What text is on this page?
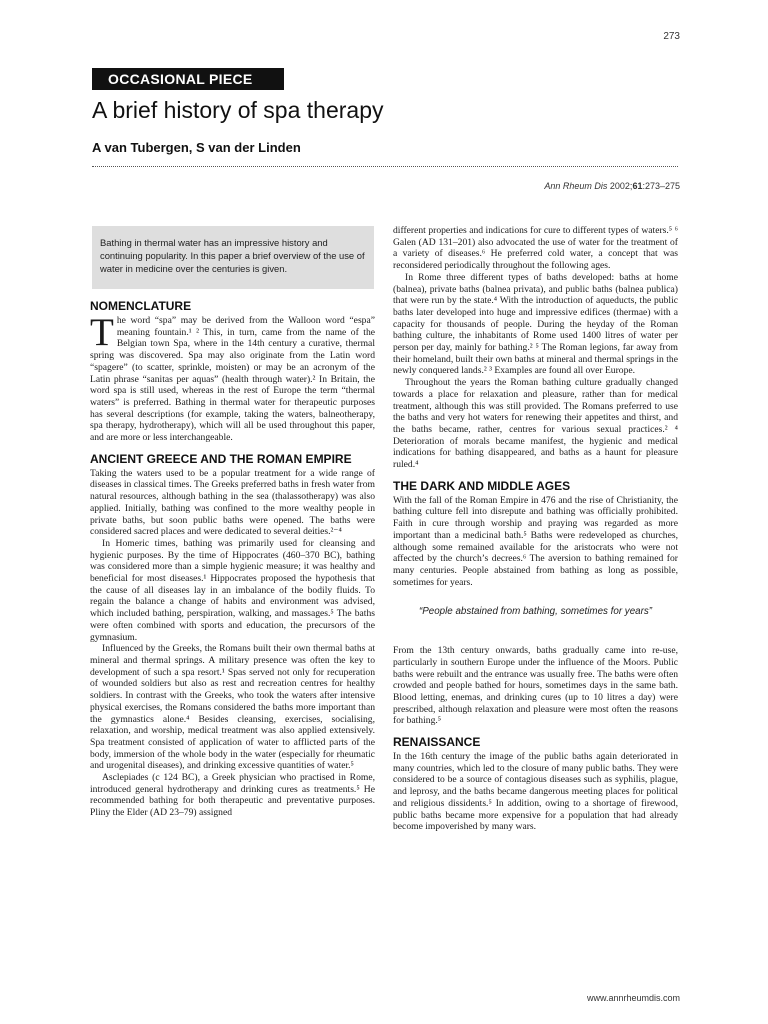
273
OCCASIONAL PIECE
A brief history of spa therapy
A van Tubergen, S van der Linden
Ann Rheum Dis 2002;61:273–275
Bathing in thermal water has an impressive history and continuing popularity. In this paper a brief overview of the use of water in medicine over the centuries is given.
NOMENCLATURE
The word “spa” may be derived from the Walloon word “espa” meaning fountain.¹ ² This, in turn, came from the name of the Belgian town Spa, where in the 14th century a curative, thermal spring was discovered. Spa may also originate from the Latin word “spagere” (to scatter, sprinkle, moisten) or may be an acronym of the Latin phrase “sanitas per aquas” (health through water).² In Britain, the word spa is still used, whereas in the rest of Europe the term “thermal waters” is preferred. Bathing in thermal water for therapeutic purposes has several descriptions (for example, taking the waters, balneotherapy, spa therapy, hydrotherapy), which will all be used throughout this paper, and are more or less interchangeable.
ANCIENT GREECE AND THE ROMAN EMPIRE
Taking the waters used to be a popular treatment for a wide range of diseases in classical times. The Greeks preferred baths in fresh water from natural resources, although bathing in the sea (thalassotherapy) was also applied. Initially, bathing was confined to the more wealthy people in private baths, but soon public baths were opened. The baths were considered sacred places and were dedicated to several deities.²⁻⁴
In Homeric times, bathing was primarily used for cleansing and hygienic purposes. By the time of Hippocrates (460–370 BC), bathing was considered more than a simple hygienic measure; it was healthy and beneficial for most diseases.¹ Hippocrates proposed the hypothesis that the cause of all diseases lay in an imbalance of the bodily fluids. To regain the balance a change of habits and environment was advised, which included bathing, perspiration, walking, and massages.⁵ The baths were often combined with sports and education, the precursors of the gymnasium.
Influenced by the Greeks, the Romans built their own thermal baths at mineral and thermal springs. A military presence was often the key to development of such a spa resort.¹ Spas served not only for recuperation of wounded soldiers but also as rest and recreation centres for healthy soldiers. In contrast with the Greeks, who took the waters after intensive physical exercises, the Romans considered the baths more important than the gymnastics alone.⁴ Besides cleansing, exercises, socialising, relaxation, and worship, medical treatment was also applied extensively. Spa treatment consisted of application of water to afflicted parts of the body, immersion of the whole body in the water (especially for rheumatic and urogenital diseases), and drinking excessive quantities of water.⁵
Asclepiades (c 124 BC), a Greek physician who practised in Rome, introduced general hydrotherapy and drinking cures as treatments.⁵ He recommended bathing for both therapeutic and preventative purposes. Pliny the Elder (AD 23–79) assigned
different properties and indications for cure to different types of waters.⁵ ⁶ Galen (AD 131–201) also advocated the use of water for the treatment of a variety of diseases.⁶ He preferred cold water, a concept that was reconsidered periodically throughout the following ages.
In Rome three different types of baths developed: baths at home (balnea), private baths (balnea privata), and public baths (balnea publica) that were run by the state.⁴ With the introduction of aqueducts, the public baths later developed into huge and impressive edifices (thermae) with a capacity for thousands of people. During the heyday of the Roman bathing culture, the inhabitants of Rome used 1400 litres of water per person per day, mainly for bathing.² ⁵ The Roman legions, far away from their homeland, built their own baths at mineral and thermal springs in the newly conquered lands.² ³ Examples are found all over Europe.
Throughout the years the Roman bathing culture gradually changed towards a place for relaxation and pleasure, rather than for medical treatment, although this was still provided. The Romans preferred to use the baths and very hot waters for renewing their appetites and thirst, and the baths became, rather, centres for various sexual practices.² ⁴ Deterioration of morals became manifest, the hygienic and medical indications for bathing disappeared, and baths as a haunt for pleasure ruled.⁴
THE DARK AND MIDDLE AGES
With the fall of the Roman Empire in 476 and the rise of Christianity, the bathing culture fell into disrepute and bathing was officially prohibited. Faith in cure through worship and praying was regarded as more important than a medicinal bath.⁵ Baths were redeveloped as churches, although some remained available for the aristocrats who were not affected by the church’s decrees.⁶ The aversion to bathing remained for many centuries. People abstained from bathing as long as possible, sometimes for years.
“People abstained from bathing, sometimes for years”
From the 13th century onwards, baths gradually came into re-use, particularly in southern Europe under the influence of the Moors. Public baths were rebuilt and the entrance was usually free. The baths were often crowded and people bathed for hours, sometimes days in the same bath. Blood letting, enemas, and drinking cures (up to 10 litres a day) were prescribed, although relaxation and pleasure were most often the reasons for bathing.⁵
RENAISSANCE
In the 16th century the image of the public baths again deteriorated in many countries, which led to the closure of many public baths. They were considered to be a source of contagious diseases such as syphilis, plague, and leprosy, and the baths became dangerous meeting places for political and religious dissidents.⁵ In addition, owing to a shortage of firewood, public baths became more expensive for a population that had already become impoverished by many wars.
www.annrheumdis.com
